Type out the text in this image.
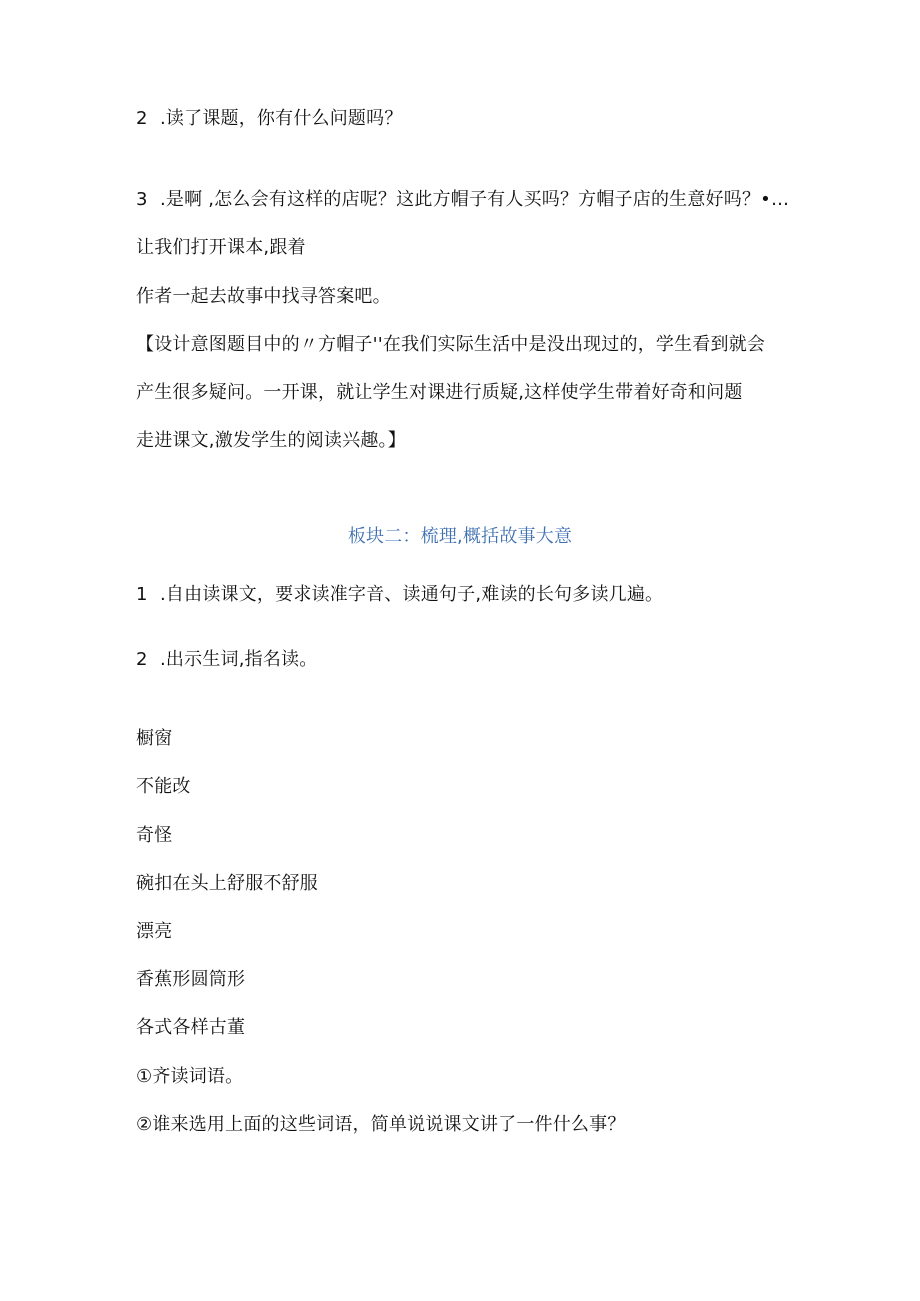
2 .读了课题，你有什么问题吗？
3 .是啊 ,怎么会有这样的店呢？这此方帽子有人买吗？方帽子店的生意好吗？•…
让我们打开课本,跟着
作者一起去故事中找寻答案吧。
【设计意图题目中的〃方帽子''在我们实际生活中是没出现过的，学生看到就会
产生很多疑问。一开课，就让学生对课进行质疑,这样使学生带着好奇和问题
走进课文,激发学生的阅读兴趣。】
板块二：梳理,概括故事大意
1 .自由读课文，要求读准字音、读通句子,难读的长句多读几遍。
2 .出示生词,指名读。
橱窗
不能改
奇怪
碗扣在头上舒服不舒服
漂亮
香蕉形圆筒形
各式各样古董
①齐读词语。
②谁来选用上面的这些词语，简单说说课文讲了一件什么事？
